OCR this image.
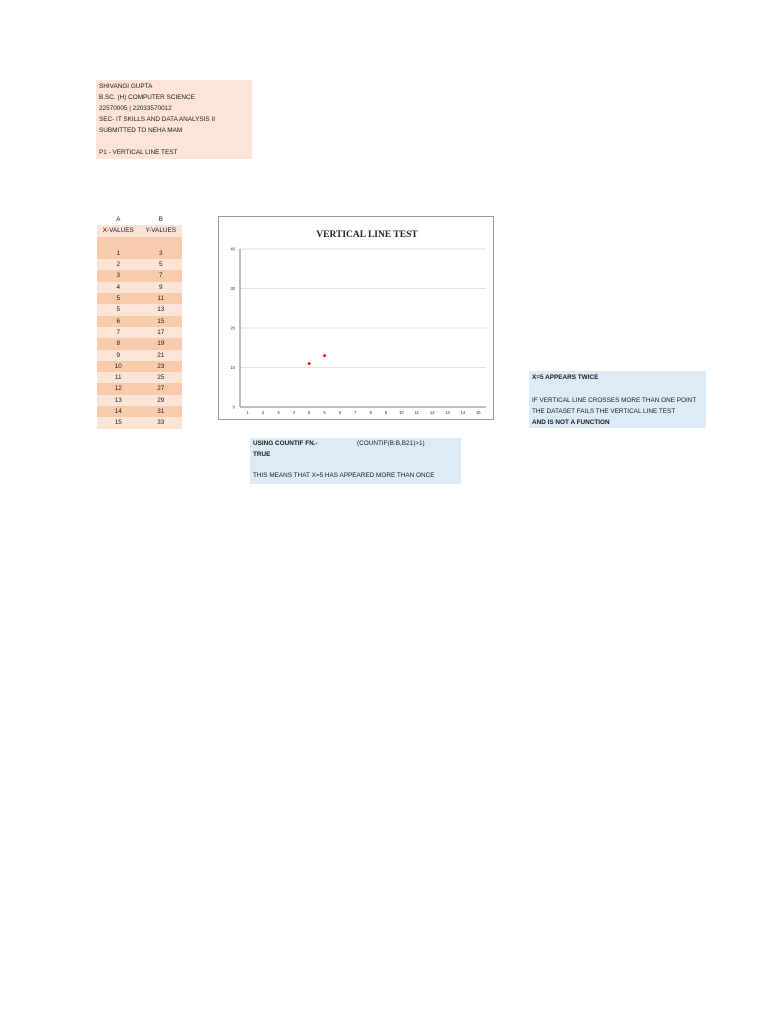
SHIVANGI GUPTA
B.SC. (H) COMPUTER SCIENCE
22570005 | 22033570012
SEC- IT SKILLS AND DATA ANALYSIS II
SUBMITTED TO NEHA MAM
P1 - VERTICAL LINE TEST
A	B
X-VALUES	Y-VALUES
1	3
2	5
3	7
4	9
5	11
5	13
6	15
7	17
8	19
9	21
10	23
11	25
12	27
13	29
14	31
15	33
VERTICAL LINE TEST
0
10
20
30
40
1	2	3	4	5	5	6	7	8	9	10	11	12	13	14	15
USING COUNTIF FN.-	(COUNTIF(B:B,B21)>1)
TRUE
THIS MEANS THAT X=5 HAS APPEARED MORE THAN ONCE
X=5 APPEARS TWICE
IF VERTICAL LINE CROSSES MORE THAN ONE POINT
THE DATASET FAILS THE VERTICAL LINE TEST
AND IS NOT A FUNCTION
